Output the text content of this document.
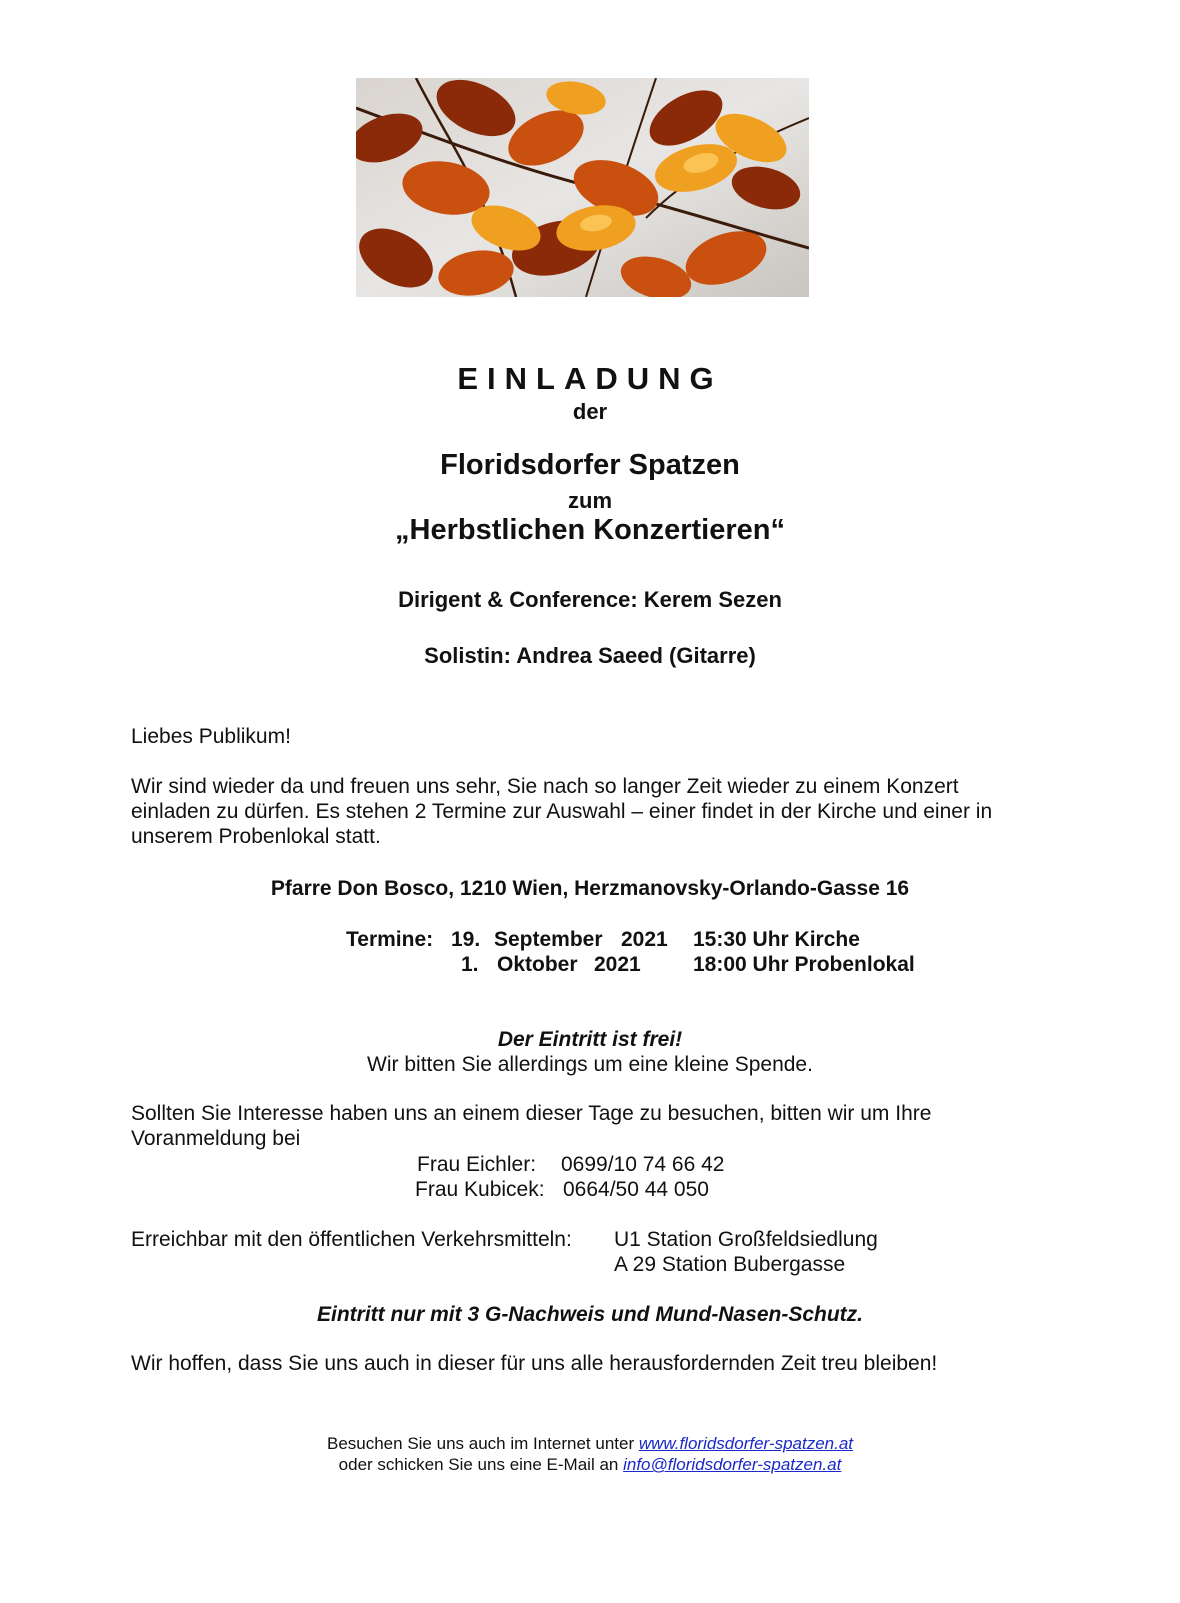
EINLADUNG
der
Floridsdorfer Spatzen
zum
„Herbstlichen Konzertieren“
Dirigent & Conference: Kerem Sezen
Solistin: Andrea Saeed (Gitarre)
Liebes Publikum!
Wir sind wieder da und freuen uns sehr, Sie nach so langer Zeit wieder zu einem Konzert
einladen zu dürfen. Es stehen 2 Termine zur Auswahl – einer findet in der Kirche und einer in
unserem Probenlokal statt.
Pfarre Don Bosco, 1210 Wien, Herzmanovsky-Orlando-Gasse 16
Termine: 19. September 2021 15:30 Uhr Kirche
1. Oktober 2021 18:00 Uhr Probenlokal
Der Eintritt ist frei!
Wir bitten Sie allerdings um eine kleine Spende.
Sollten Sie Interesse haben uns an einem dieser Tage zu besuchen, bitten wir um Ihre
Voranmeldung bei
Frau Eichler: 0699/10 74 66 42
Frau Kubicek: 0664/50 44 050
Erreichbar mit den öffentlichen Verkehrsmitteln: U1 Station Großfeldsiedlung
A 29 Station Bubergasse
Eintritt nur mit 3 G-Nachweis und Mund-Nasen-Schutz.
Wir hoffen, dass Sie uns auch in dieser für uns alle herausfordernden Zeit treu bleiben!
Besuchen Sie uns auch im Internet unter www.floridsdorfer-spatzen.at
oder schicken Sie uns eine E-Mail an info@floridsdorfer-spatzen.at
